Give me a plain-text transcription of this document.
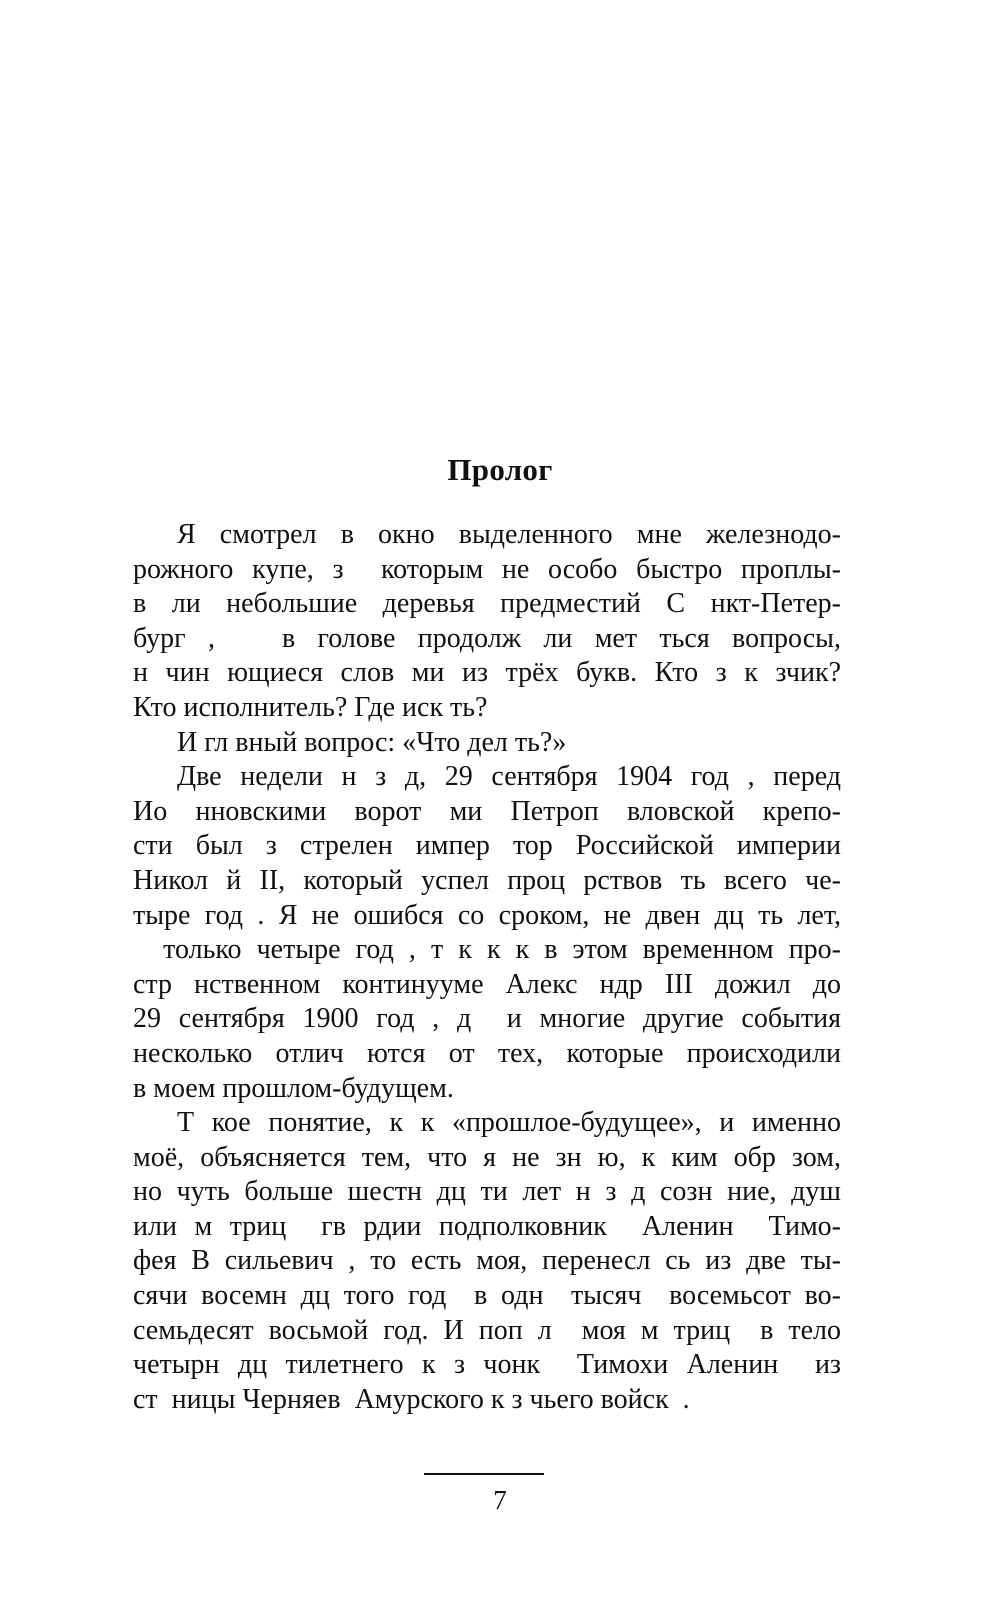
Пролог
Я смотрел в окно выделенного мне железнодо-
рожного купе, з  которым не особо быстро проплы-
в ли небольшие деревья предместий С нкт-Петер-
бург ,   в голове продолж ли мет ться вопросы,
н чин ющиеся слов ми из трёх букв. Кто з к зчик?
Кто исполнитель? Где иск ть?
И гл вный вопрос: «Что дел ть?»
Две недели н з д, 29 сентября 1904 год , перед
Ио нновскими ворот ми Петроп вловской крепо-
сти был з стрелен импер тор Российской империи
Никол й II, который успел проц рствов ть всего че-
тыре год . Я не ошибся со сроком, не двен дц ть лет,
только четыре год , т к к к в этом временном про-
стр нственном континууме Алекс ндр III дожил до
29 сентября 1900 год , д  и многие другие события
несколько отлич ются от тех, которые происходили
в моем прошлом-будущем.
Т кое понятие, к к «прошлое-будущее», и именно
моё, объясняется тем, что я не зн ю, к ким обр зом,
но чуть больше шестн дц ти лет н з д созн ние, душ
или м триц  гв рдии подполковник  Аленин  Тимо-
фея В сильевич , то есть моя, перенесл сь из две ты-
сячи восемн дц того год  в одн  тысяч  восемьсот во-
семьдесят восьмой год. И поп л  моя м триц  в тело
четырн дц тилетнего к з чонк  Тимохи Аленин  из
ст  ницы Черняев  Амурского к з чьего войск  .
7
